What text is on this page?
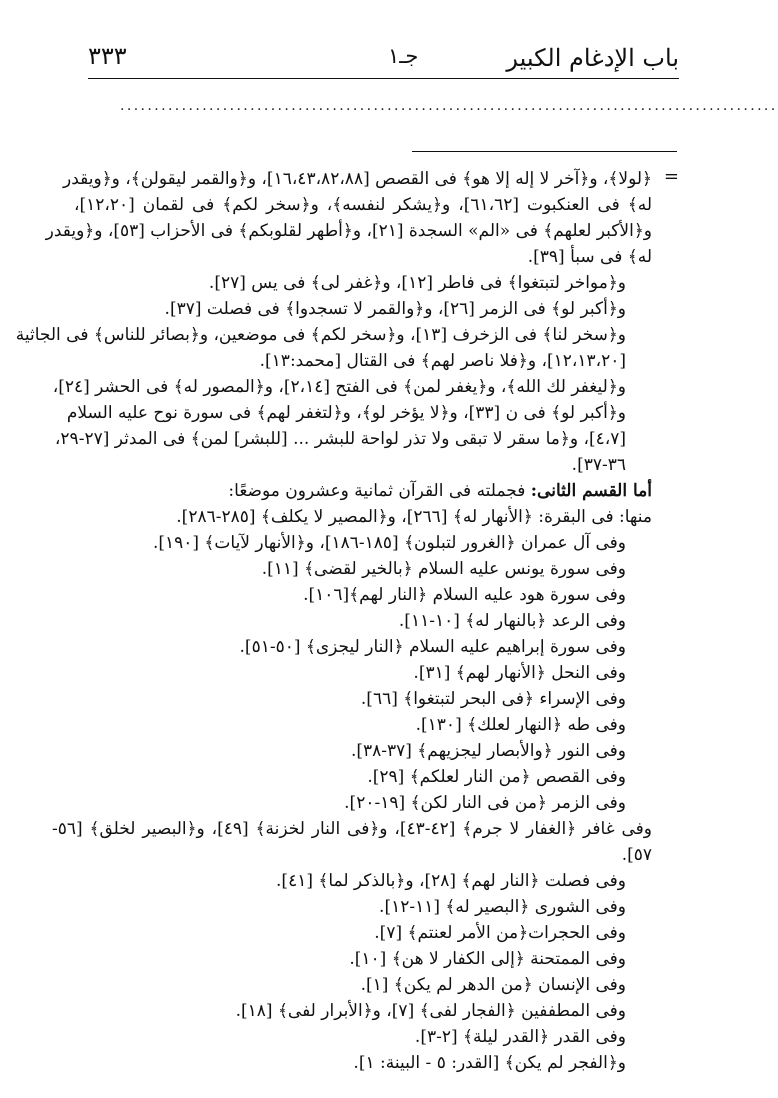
باب الإدغام الكبير
جـ١
٣٣٣
................................................................................................
=
﴿لولا﴾، و﴿آخر لا إله إلا هو﴾ فى القصص [١٦،٤٣،٨٢،٨٨]، و﴿والقمر ليقولن﴾، و﴿ويقدر
له﴾ فى العنكبوت [٦١،٦٢]، و﴿يشكر لنفسه﴾، و﴿سخر لكم﴾ فى لقمان [١٢،٢٠]،
و﴿الأكبر لعلهم﴾ فى «الم» السجدة [٢١]، و﴿أطهر لقلوبكم﴾ فى الأحزاب [٥٣]، و﴿ويقدر
له﴾ فى سبأ [٣٩].
و﴿مواخر لتبتغوا﴾ فى فاطر [١٢]، و﴿غفر لى﴾ فى يس [٢٧].
و﴿أكبر لو﴾ فى الزمر [٢٦]، و﴿والقمر لا تسجدوا﴾ فى فصلت [٣٧].
و﴿سخر لنا﴾ فى الزخرف [١٣]، و﴿سخر لكم﴾ فى موضعين، و﴿بصائر للناس﴾ فى الجاثية
[١٢،١٣،٢٠]، و﴿فلا ناصر لهم﴾ فى القتال [محمد:١٣].
و﴿ليغفر لك الله﴾، و﴿يغفر لمن﴾ فى الفتح [٢،١٤]، و﴿المصور له﴾ فى الحشر [٢٤]،
و﴿أكبر لو﴾ فى ن [٣٣]، و﴿لا يؤخر لو﴾، و﴿لتغفر لهم﴾ فى سورة نوح عليه السلام
[٤،٧]، و﴿ما سقر لا تبقى ولا تذر لواحة للبشر ... [للبشر] لمن﴾ فى المدثر [٢٧-٢٩،
٣٦-٣٧].
أما القسم الثانى: فجملته فى القرآن ثمانية وعشرون موضعًا:
منها: فى البقرة: ﴿الأنهار له﴾ [٢٦٦]، و﴿المصير لا يكلف﴾ [٢٨٥-٢٨٦].
وفى آل عمران ﴿الغرور لتبلون﴾ [١٨٥-١٨٦]، و﴿الأنهار لآيات﴾ [١٩٠].
وفى سورة يونس عليه السلام ﴿بالخير لقضى﴾ [١١].
وفى سورة هود عليه السلام ﴿النار لهم﴾[١٠٦].
وفى الرعد ﴿بالنهار له﴾ [١٠-١١].
وفى سورة إبراهيم عليه السلام ﴿النار ليجزى﴾ [٥٠-٥١].
وفى النحل ﴿الأنهار لهم﴾ [٣١].
وفى الإسراء ﴿فى البحر لتبتغوا﴾ [٦٦].
وفى طه ﴿النهار لعلك﴾ [١٣٠].
وفى النور ﴿والأبصار ليجزيهم﴾ [٣٧-٣٨].
وفى القصص ﴿من النار لعلكم﴾ [٢٩].
وفى الزمر ﴿من فى النار لكن﴾ [١٩-٢٠].
وفى غافر ﴿الغفار لا جرم﴾ [٤٢-٤٣]، و﴿فى النار لخزنة﴾ [٤٩]، و﴿البصير لخلق﴾ [٥٦-
٥٧].
وفى فصلت ﴿النار لهم﴾ [٢٨]، و﴿بالذكر لما﴾ [٤١].
وفى الشورى ﴿البصير له﴾ [١١-١٢].
وفى الحجرات﴿من الأمر لعنتم﴾ [٧].
وفى الممتحنة ﴿إلى الكفار لا هن﴾ [١٠].
وفى الإنسان ﴿من الدهر لم يكن﴾ [١].
وفى المطففين ﴿الفجار لفى﴾ [٧]، و﴿الأبرار لفى﴾ [١٨].
وفى القدر ﴿القدر ليلة﴾ [٢-٣].
و﴿الفجر لم يكن﴾ [القدر: ٥ - البينة: ١].
